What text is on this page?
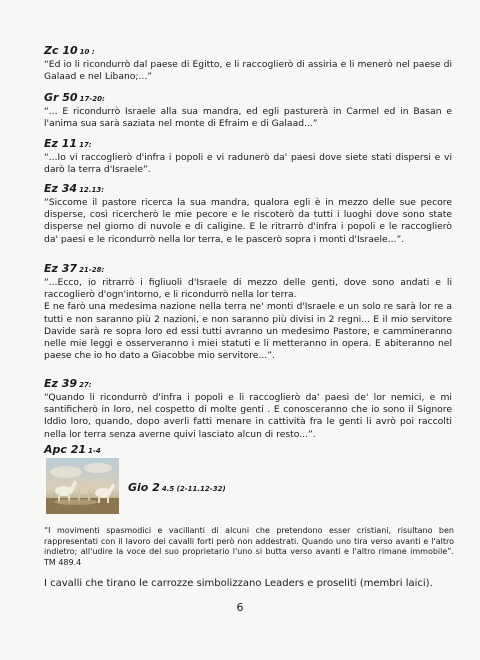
Zc 10 10 :
“Ed io li ricondurrò dal paese di Egitto, e li raccoglierò di assiria e li menerò nel paese di Galaad e nel Libano;...”
Gr 50 17-20:
“... E ricondurrò Israele alla sua mandra, ed egli pasturerà in Carmel ed in Basan e l'anima sua sarà saziata nel monte di Efraim e di Galaad...”
Ez 11 17:
“...Io vi raccoglierò d'infra i popoli e vi radunerò da' paesi dove siete stati dispersi e vi darò la terra d'Israele”.
Ez 34 12.13:
“Siccome il pastore ricerca la sua mandra, qualora egli è in mezzo delle sue pecore disperse, così ricercherò le mie pecore e le riscoterò da tutti i luoghi dove sono state disperse nel giorno di nuvole e di caligine. E le ritrarrò d'infra i popoli e le raccoglierò da' paesi e le ricondurrò nella lor terra, e le pascerò sopra i monti d'Israele...”.
Ez 37 21-28:

“...Ecco, io ritrarrò i figliuoli d'Israele di mezzo delle genti, dove sono andati e li raccoglierò d'ogn'intorno, e li ricondurrò nella lor terra.

E ne farò una medesima nazione nella terra ne' monti d'Israele e un solo re sarà lor re a tutti e non saranno più 2 nazioni, e non saranno più divisi in 2 regni... E il mio servitore Davide sarà re sopra loro ed essi tutti avranno un medesimo Pastore, e cammineranno nelle mie leggi e osserveranno i miei statuti e li metteranno in opera. E abiteranno nel paese che io ho dato a Giacobbe mio servitore...”.

Ez 39 27:
“Quando li ricondurrò d'infra i popoli e li raccoglierò da' paesi de' lor nemici, e mi santificherò in loro, nel cospetto di molte genti . E conosceranno che io sono il Signore Iddio loro, quando, dopo averli fatti menare in cattività fra le genti li avrò poi raccolti nella lor terra senza averne quivi lasciato alcun di resto...”.
Apc 21 1-4
Gio 2 4.5 (2-11.12-32)

“I movimenti spasmodici e vacillanti di alcuni che pretendono esser cristiani, risultano ben rappresentati con il lavoro dei cavalli forti però non addestrati. Quando uno tira verso avanti e l'altro indietro; all'udire la voce del suo proprietario l'uno si butta verso avanti e l'altro rimane immobile”. TM 489.4

I cavalli che tirano le carrozze simbolizzano Leaders e proseliti (membri laici).
6
